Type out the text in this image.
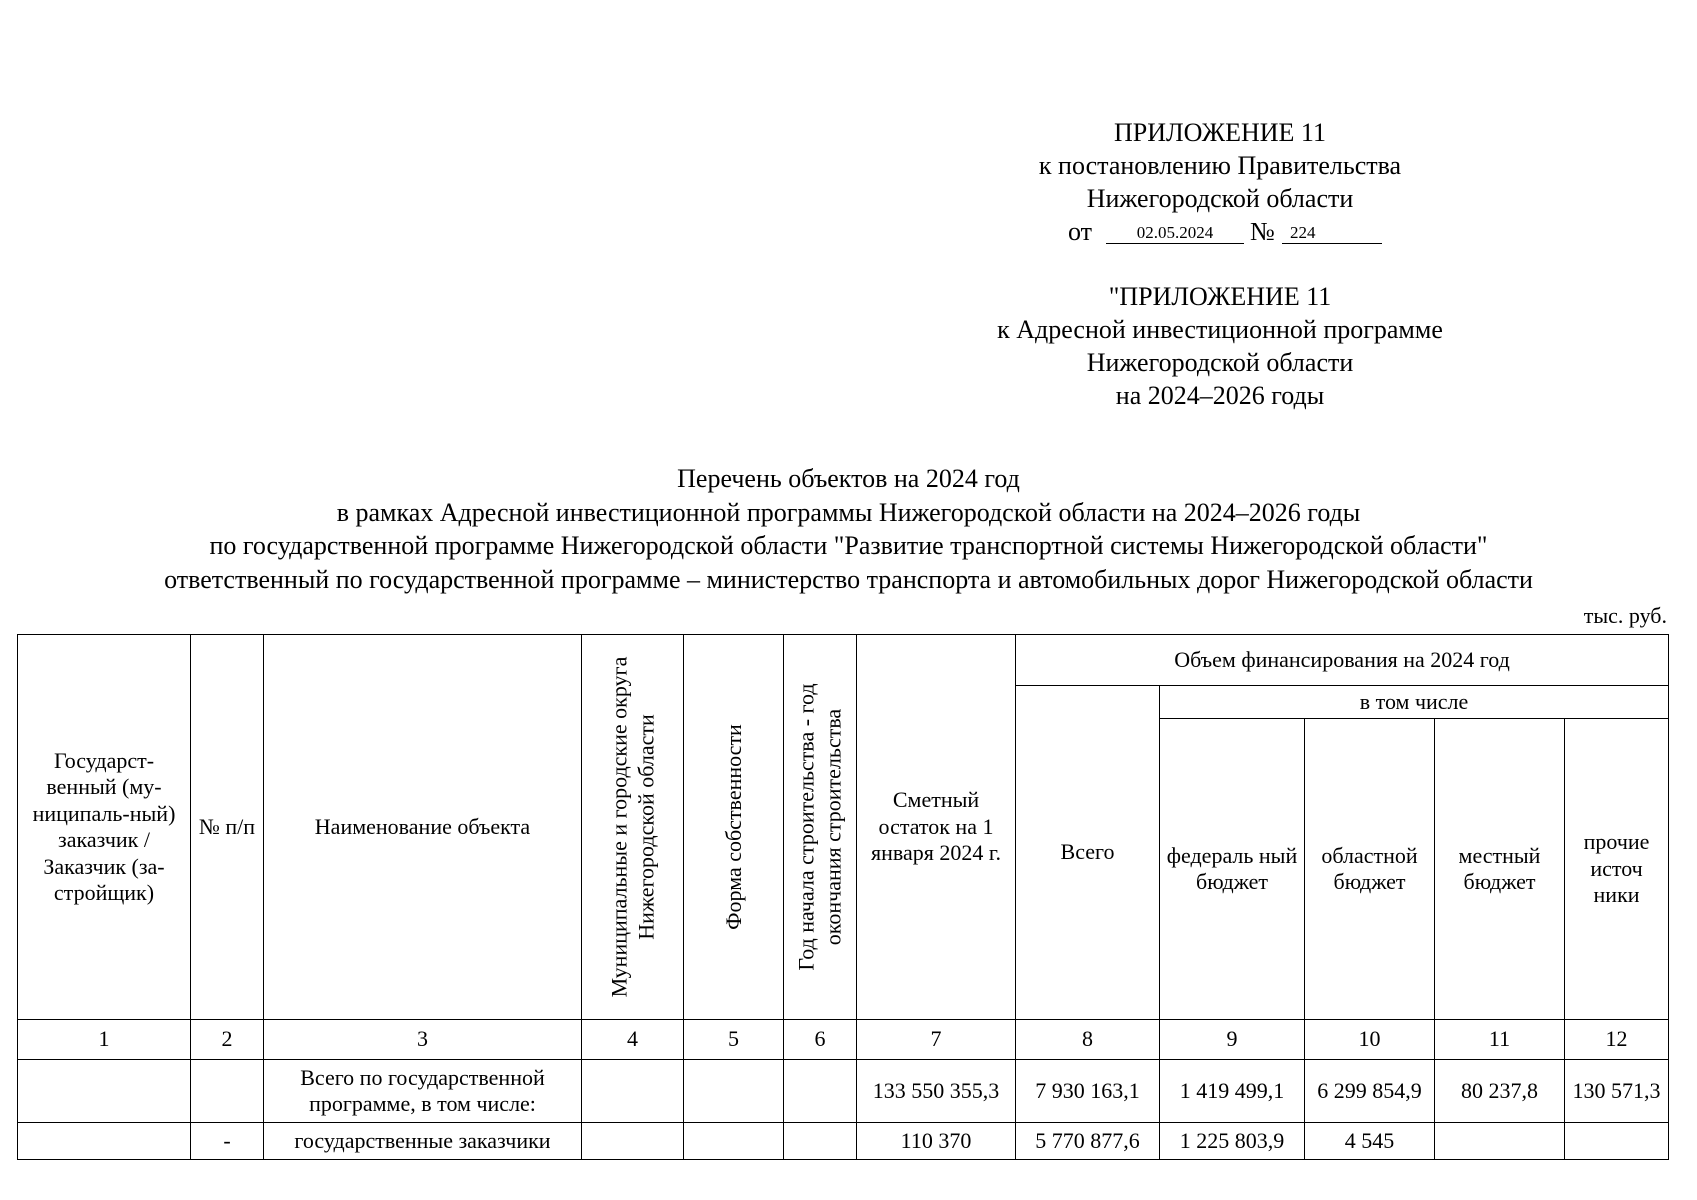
ПРИЛОЖЕНИЕ 11
к постановлению Правительства
Нижегородской области
от	02.05.2024	№ 224
"ПРИЛОЖЕНИЕ 11
к Адресной инвестиционной программе
Нижегородской области
на 2024–2026 годы
Перечень объектов на 2024 год
в рамках Адресной инвестиционной программы Нижегородской области на 2024–2026 годы
по государственной программе Нижегородской области "Развитие транспортной системы Нижегородской области"
ответственный по государственной программе – министерство транспорта и автомобильных дорог Нижегородской области
тыс. руб.
Государст-венный (му-ниципаль-ный) заказчик / Заказчик (за-стройщик)	№ п/п	Наименование объекта	Муниципальные и городские округа Нижегородской области	Форма собственности	Год начала строительства - год окончания строительства	Сметный остаток на 1 января 2024 г.	Объем финансирования на 2024 год				
							Всего	в том числе			
								федераль ный бюджет	областной бюджет	местный бюджет	прочие источ ники
1	2	3	4	5	6	7	8	9	10	11	12
		Всего по государственной программе, в том числе:				133 550 355,3	7 930 163,1	1 419 499,1	6 299 854,9	80 237,8	130 571,3
	-	государственные заказчики				110 370	5 770 877,6	1 225 803,9	4 545		
